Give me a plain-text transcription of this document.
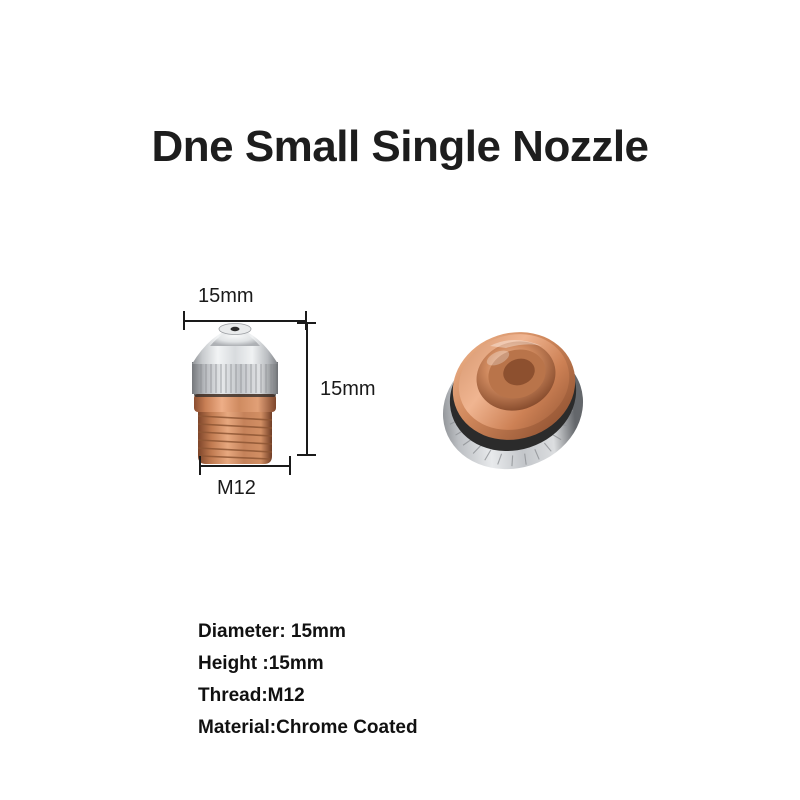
Dne Small Single Nozzle
15mm
15mm
M12
Diameter: 15mm
Height :15mm
Thread:M12
Material:Chrome Coated
